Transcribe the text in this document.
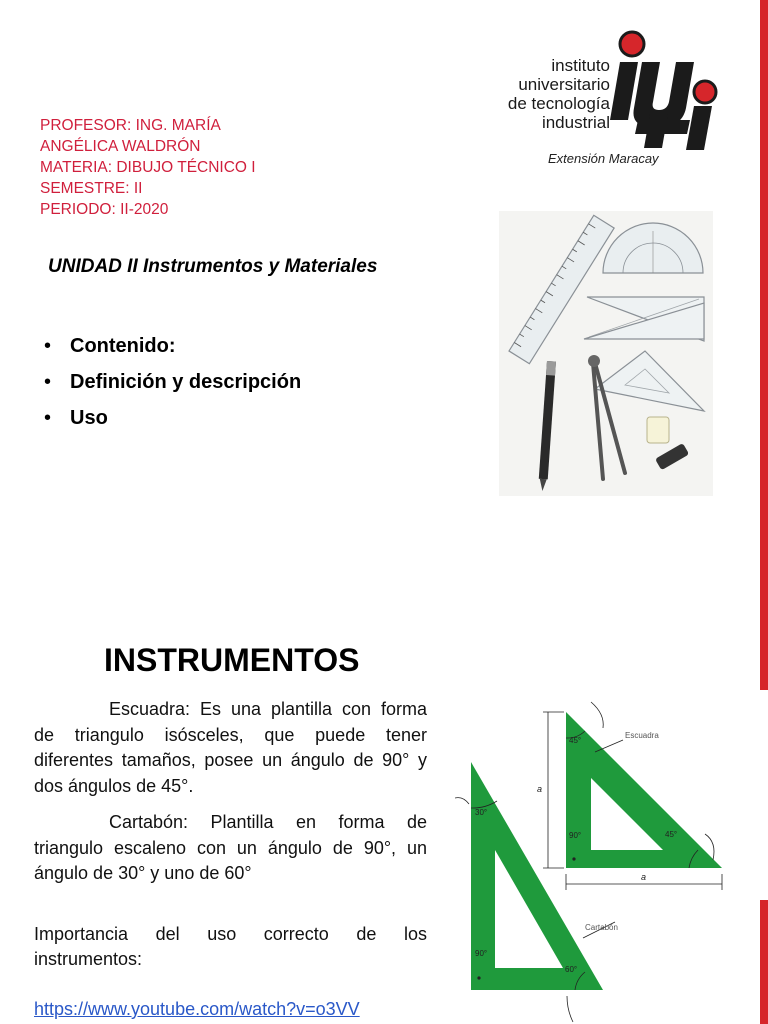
PROFESOR: ING. MARÍA
ANGÉLICA WALDRÓN
MATERIA: DIBUJO TÉCNICO I
SEMESTRE: II
PERIODO: II-2020
instituto
universitario
de tecnología
industrial
Extensión Maracay
UNIDAD II Instrumentos y Materiales
• Contenido:
• Definición y descripción
• Uso
INSTRUMENTOS

Escuadra: Es una plantilla con forma de triangulo isósceles, que puede tener diferentes tamaños, posee un ángulo de 90° y dos ángulos de 45°.

Cartabón: Plantilla en forma de triangulo escaleno con un ángulo de 90°, un ángulo de 30° y uno de 60°

Importancia del uso correcto de los instrumentos:

https://www.youtube.com/watch?v=o3VV
45°
90°	45°
30°
90°
60°
Escuadra
Cartabón
a
a
